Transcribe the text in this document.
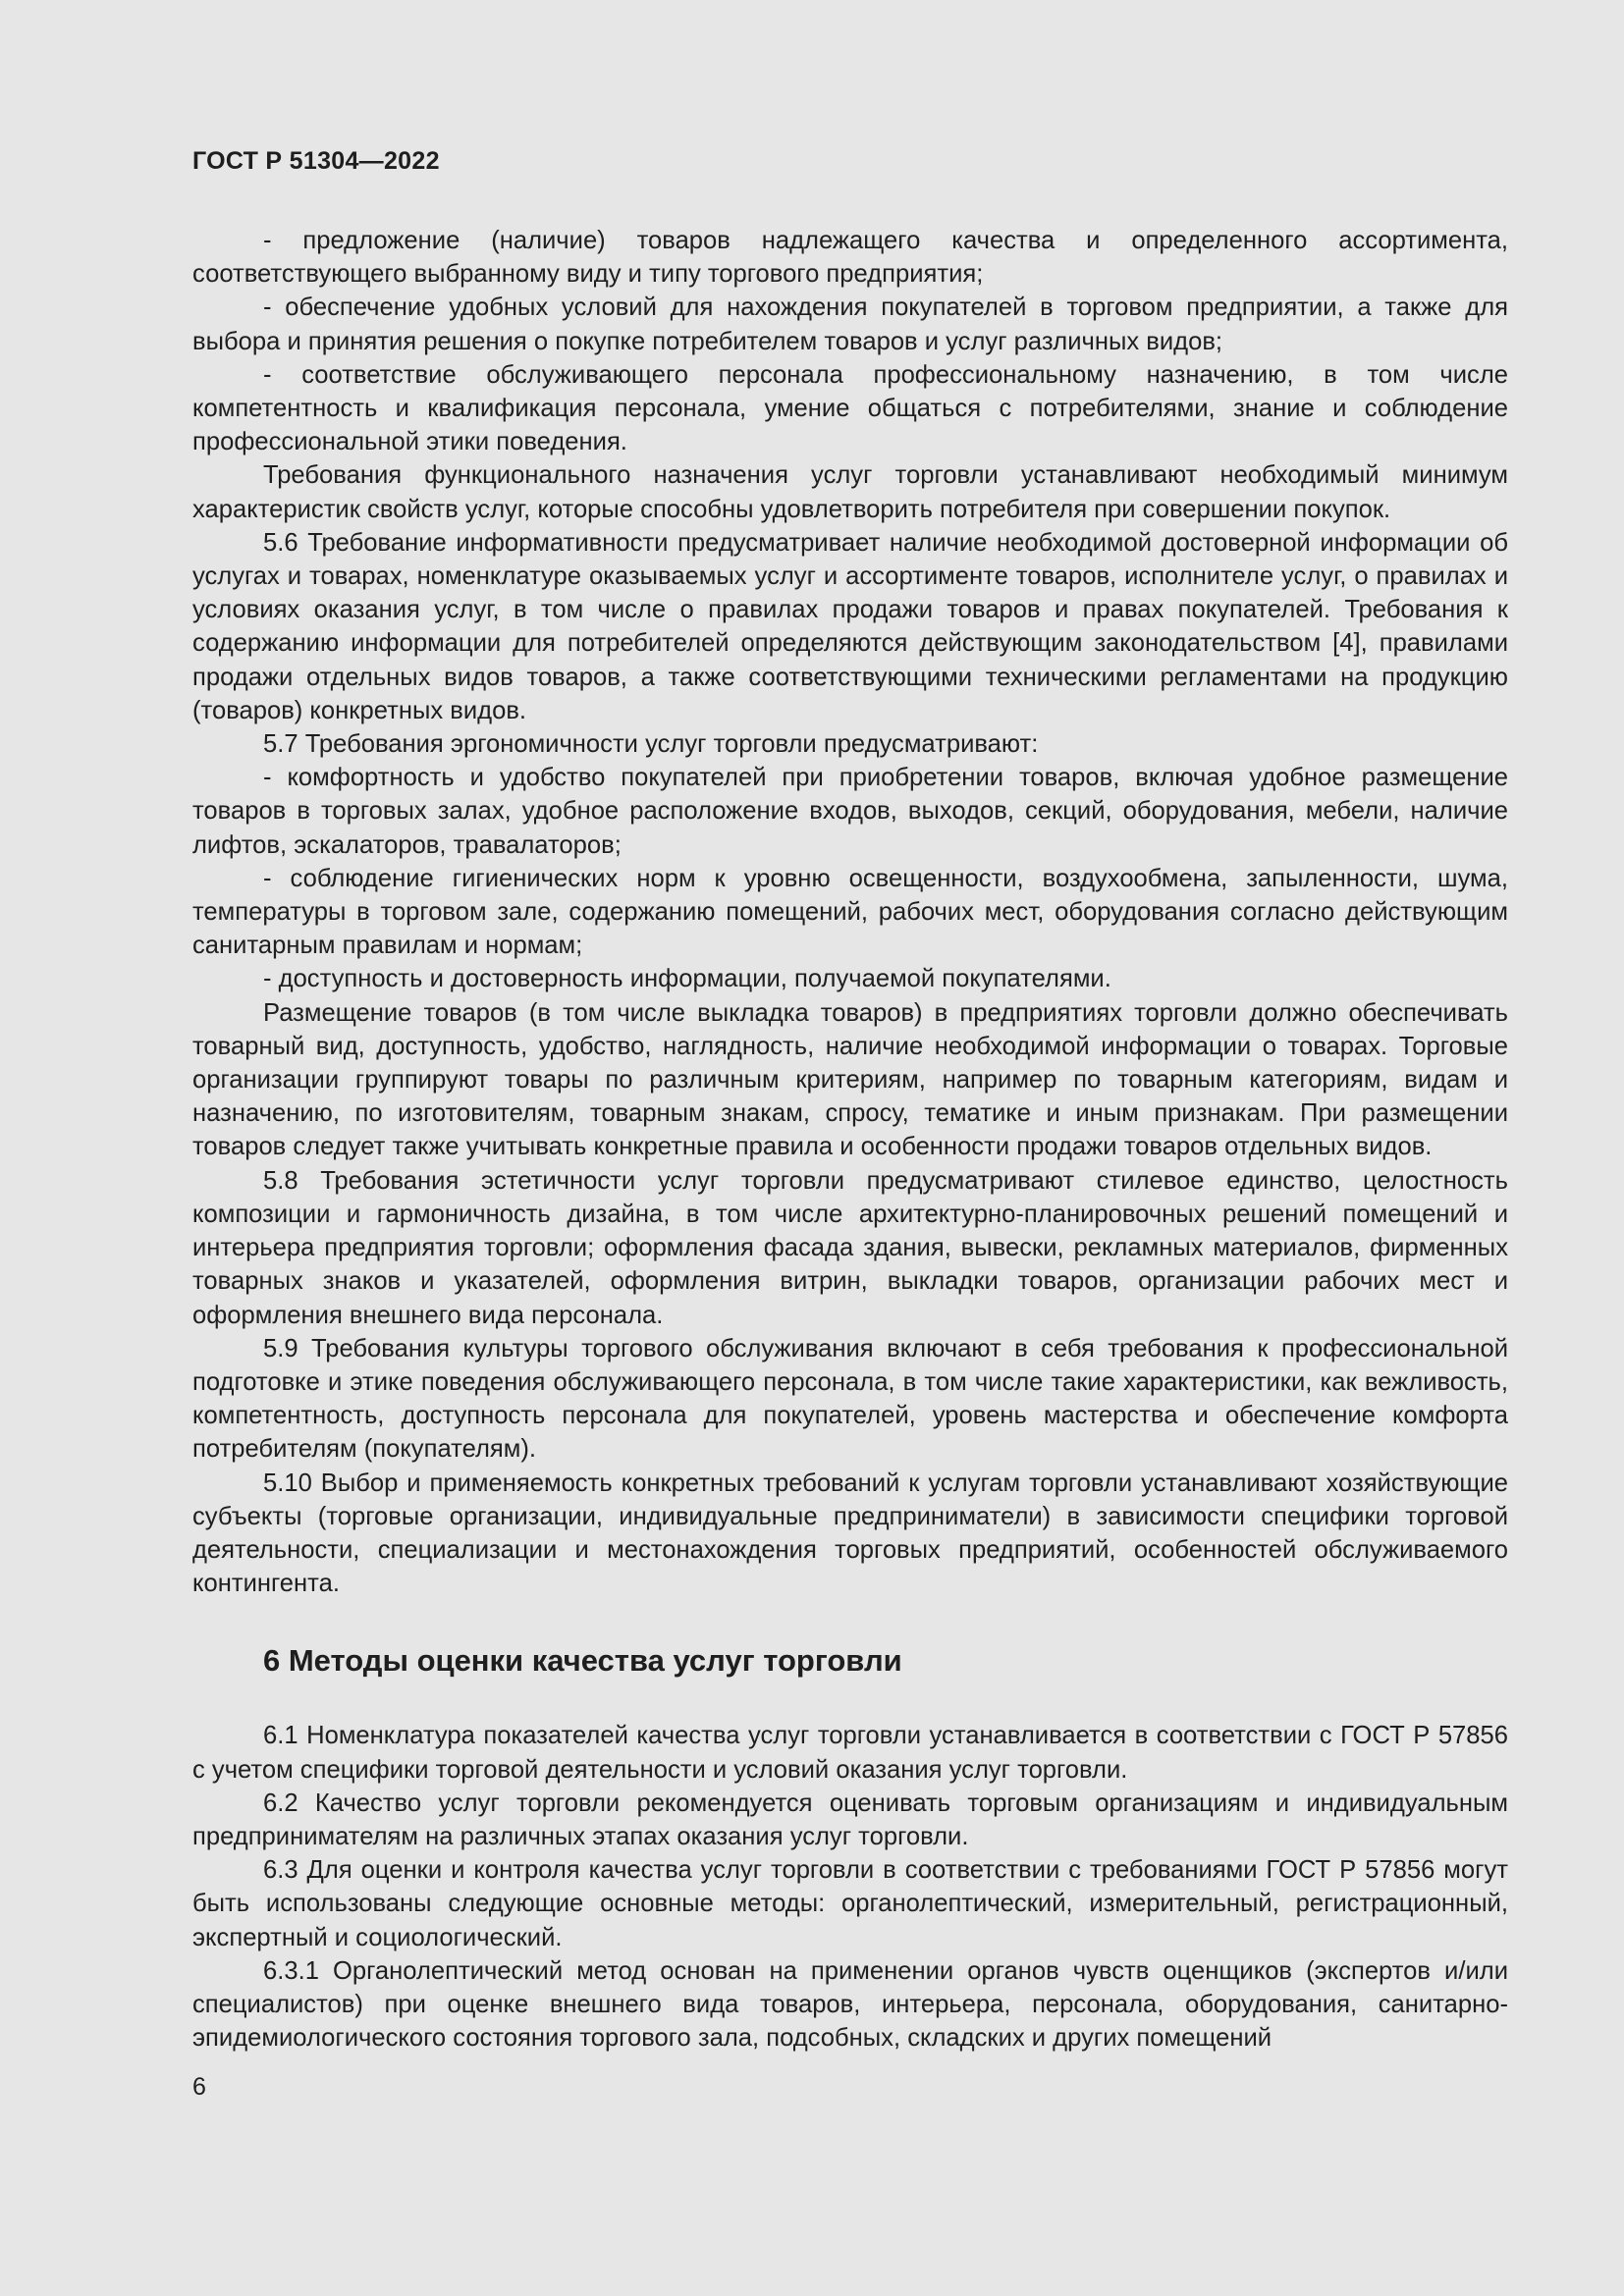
ГОСТ Р 51304—2022

- предложение (наличие) товаров надлежащего качества и определенного ассортимента, соответствующего выбранному виду и типу торгового предприятия;

- обеспечение удобных условий для нахождения покупателей в торговом предприятии, а также для выбора и принятия решения о покупке потребителем товаров и услуг различных видов;

- соответствие обслуживающего персонала профессиональному назначению, в том числе компетентность и квалификация персонала, умение общаться с потребителями, знание и соблюдение профессиональной этики поведения.

Требования функционального назначения услуг торговли устанавливают необходимый минимум характеристик свойств услуг, которые способны удовлетворить потребителя при совершении покупок.

5.6 Требование информативности предусматривает наличие необходимой достоверной информации об услугах и товарах, номенклатуре оказываемых услуг и ассортименте товаров, исполнителе услуг, о правилах и условиях оказания услуг, в том числе о правилах продажи товаров и правах покупателей. Требования к содержанию информации для потребителей определяются действующим законодательством [4], правилами продажи отдельных видов товаров, а также соответствующими техническими регламентами на продукцию (товаров) конкретных видов.

5.7 Требования эргономичности услуг торговли предусматривают:

- комфортность и удобство покупателей при приобретении товаров, включая удобное размещение товаров в торговых залах, удобное расположение входов, выходов, секций, оборудования, мебели, наличие лифтов, эскалаторов, травалаторов;

- соблюдение гигиенических норм к уровню освещенности, воздухообмена, запыленности, шума, температуры в торговом зале, содержанию помещений, рабочих мест, оборудования согласно действующим санитарным правилам и нормам;

- доступность и достоверность информации, получаемой покупателями.

Размещение товаров (в том числе выкладка товаров) в предприятиях торговли должно обеспечивать товарный вид, доступность, удобство, наглядность, наличие необходимой информации о товарах. Торговые организации группируют товары по различным критериям, например по товарным категориям, видам и назначению, по изготовителям, товарным знакам, спросу, тематике и иным признакам. При размещении товаров следует также учитывать конкретные правила и особенности продажи товаров отдельных видов.

5.8 Требования эстетичности услуг торговли предусматривают стилевое единство, целостность композиции и гармоничность дизайна, в том числе архитектурно-планировочных решений помещений и интерьера предприятия торговли; оформления фасада здания, вывески, рекламных материалов, фирменных товарных знаков и указателей, оформления витрин, выкладки товаров, организации рабочих мест и оформления внешнего вида персонала.

5.9 Требования культуры торгового обслуживания включают в себя требования к профессиональной подготовке и этике поведения обслуживающего персонала, в том числе такие характеристики, как вежливость, компетентность, доступность персонала для покупателей, уровень мастерства и обеспечение комфорта потребителям (покупателям).

5.10 Выбор и применяемость конкретных требований к услугам торговли устанавливают хозяйствующие субъекты (торговые организации, индивидуальные предприниматели) в зависимости специфики торговой деятельности, специализации и местонахождения торговых предприятий, особенностей обслуживаемого контингента.

6 Методы оценки качества услуг торговли

6.1 Номенклатура показателей качества услуг торговли устанавливается в соответствии с ГОСТ Р 57856 с учетом специфики торговой деятельности и условий оказания услуг торговли.

6.2 Качество услуг торговли рекомендуется оценивать торговым организациям и индивидуальным предпринимателям на различных этапах оказания услуг торговли.

6.3 Для оценки и контроля качества услуг торговли в соответствии с требованиями ГОСТ Р 57856 могут быть использованы следующие основные методы: органолептический, измерительный, регистрационный, экспертный и социологический.

6.3.1 Органолептический метод основан на применении органов чувств оценщиков (экспертов и/или специалистов) при оценке внешнего вида товаров, интерьера, персонала, оборудования, санитарно-эпидемиологического состояния торгового зала, подсобных, складских и других помещений

6
